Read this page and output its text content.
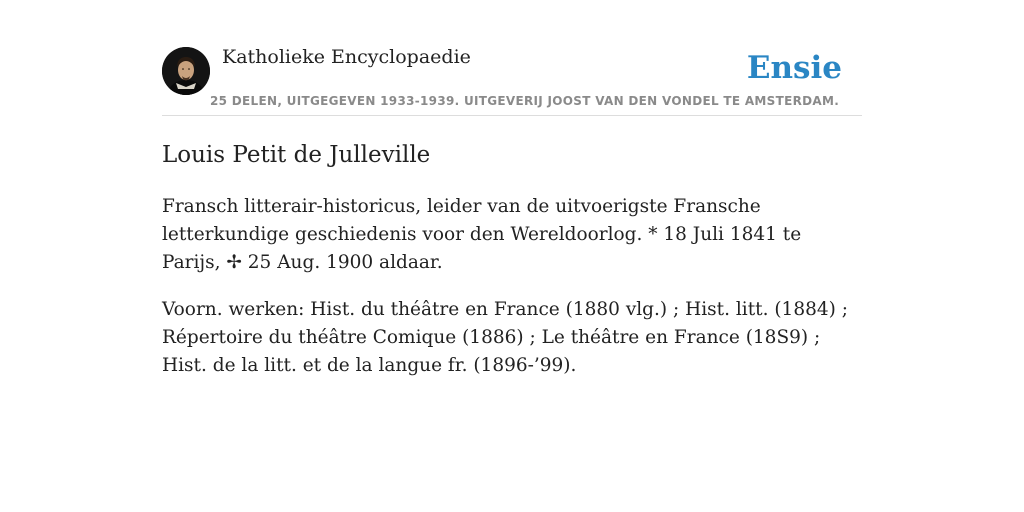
Katholieke Encyclopaedie	Ensie
25 DELEN, UITGEGEVEN 1933-1939. UITGEVERIJ JOOST VAN DEN VONDEL TE AMSTERDAM.
Louis Petit de Julleville

Fransch litterair-historicus, leider van de uitvoerigste Fransche letterkundige geschiedenis voor den Wereldoorlog. * 18 Juli 1841 te Parijs, ✢ 25 Aug. 1900 aldaar.

Voorn. werken: Hist. du théâtre en France (1880 vlg.) ; Hist. litt. (1884) ; Répertoire du théâtre Comique (1886) ; Le théâtre en France (18S9) ; Hist. de la litt. et de la langue fr. (1896-’99).
